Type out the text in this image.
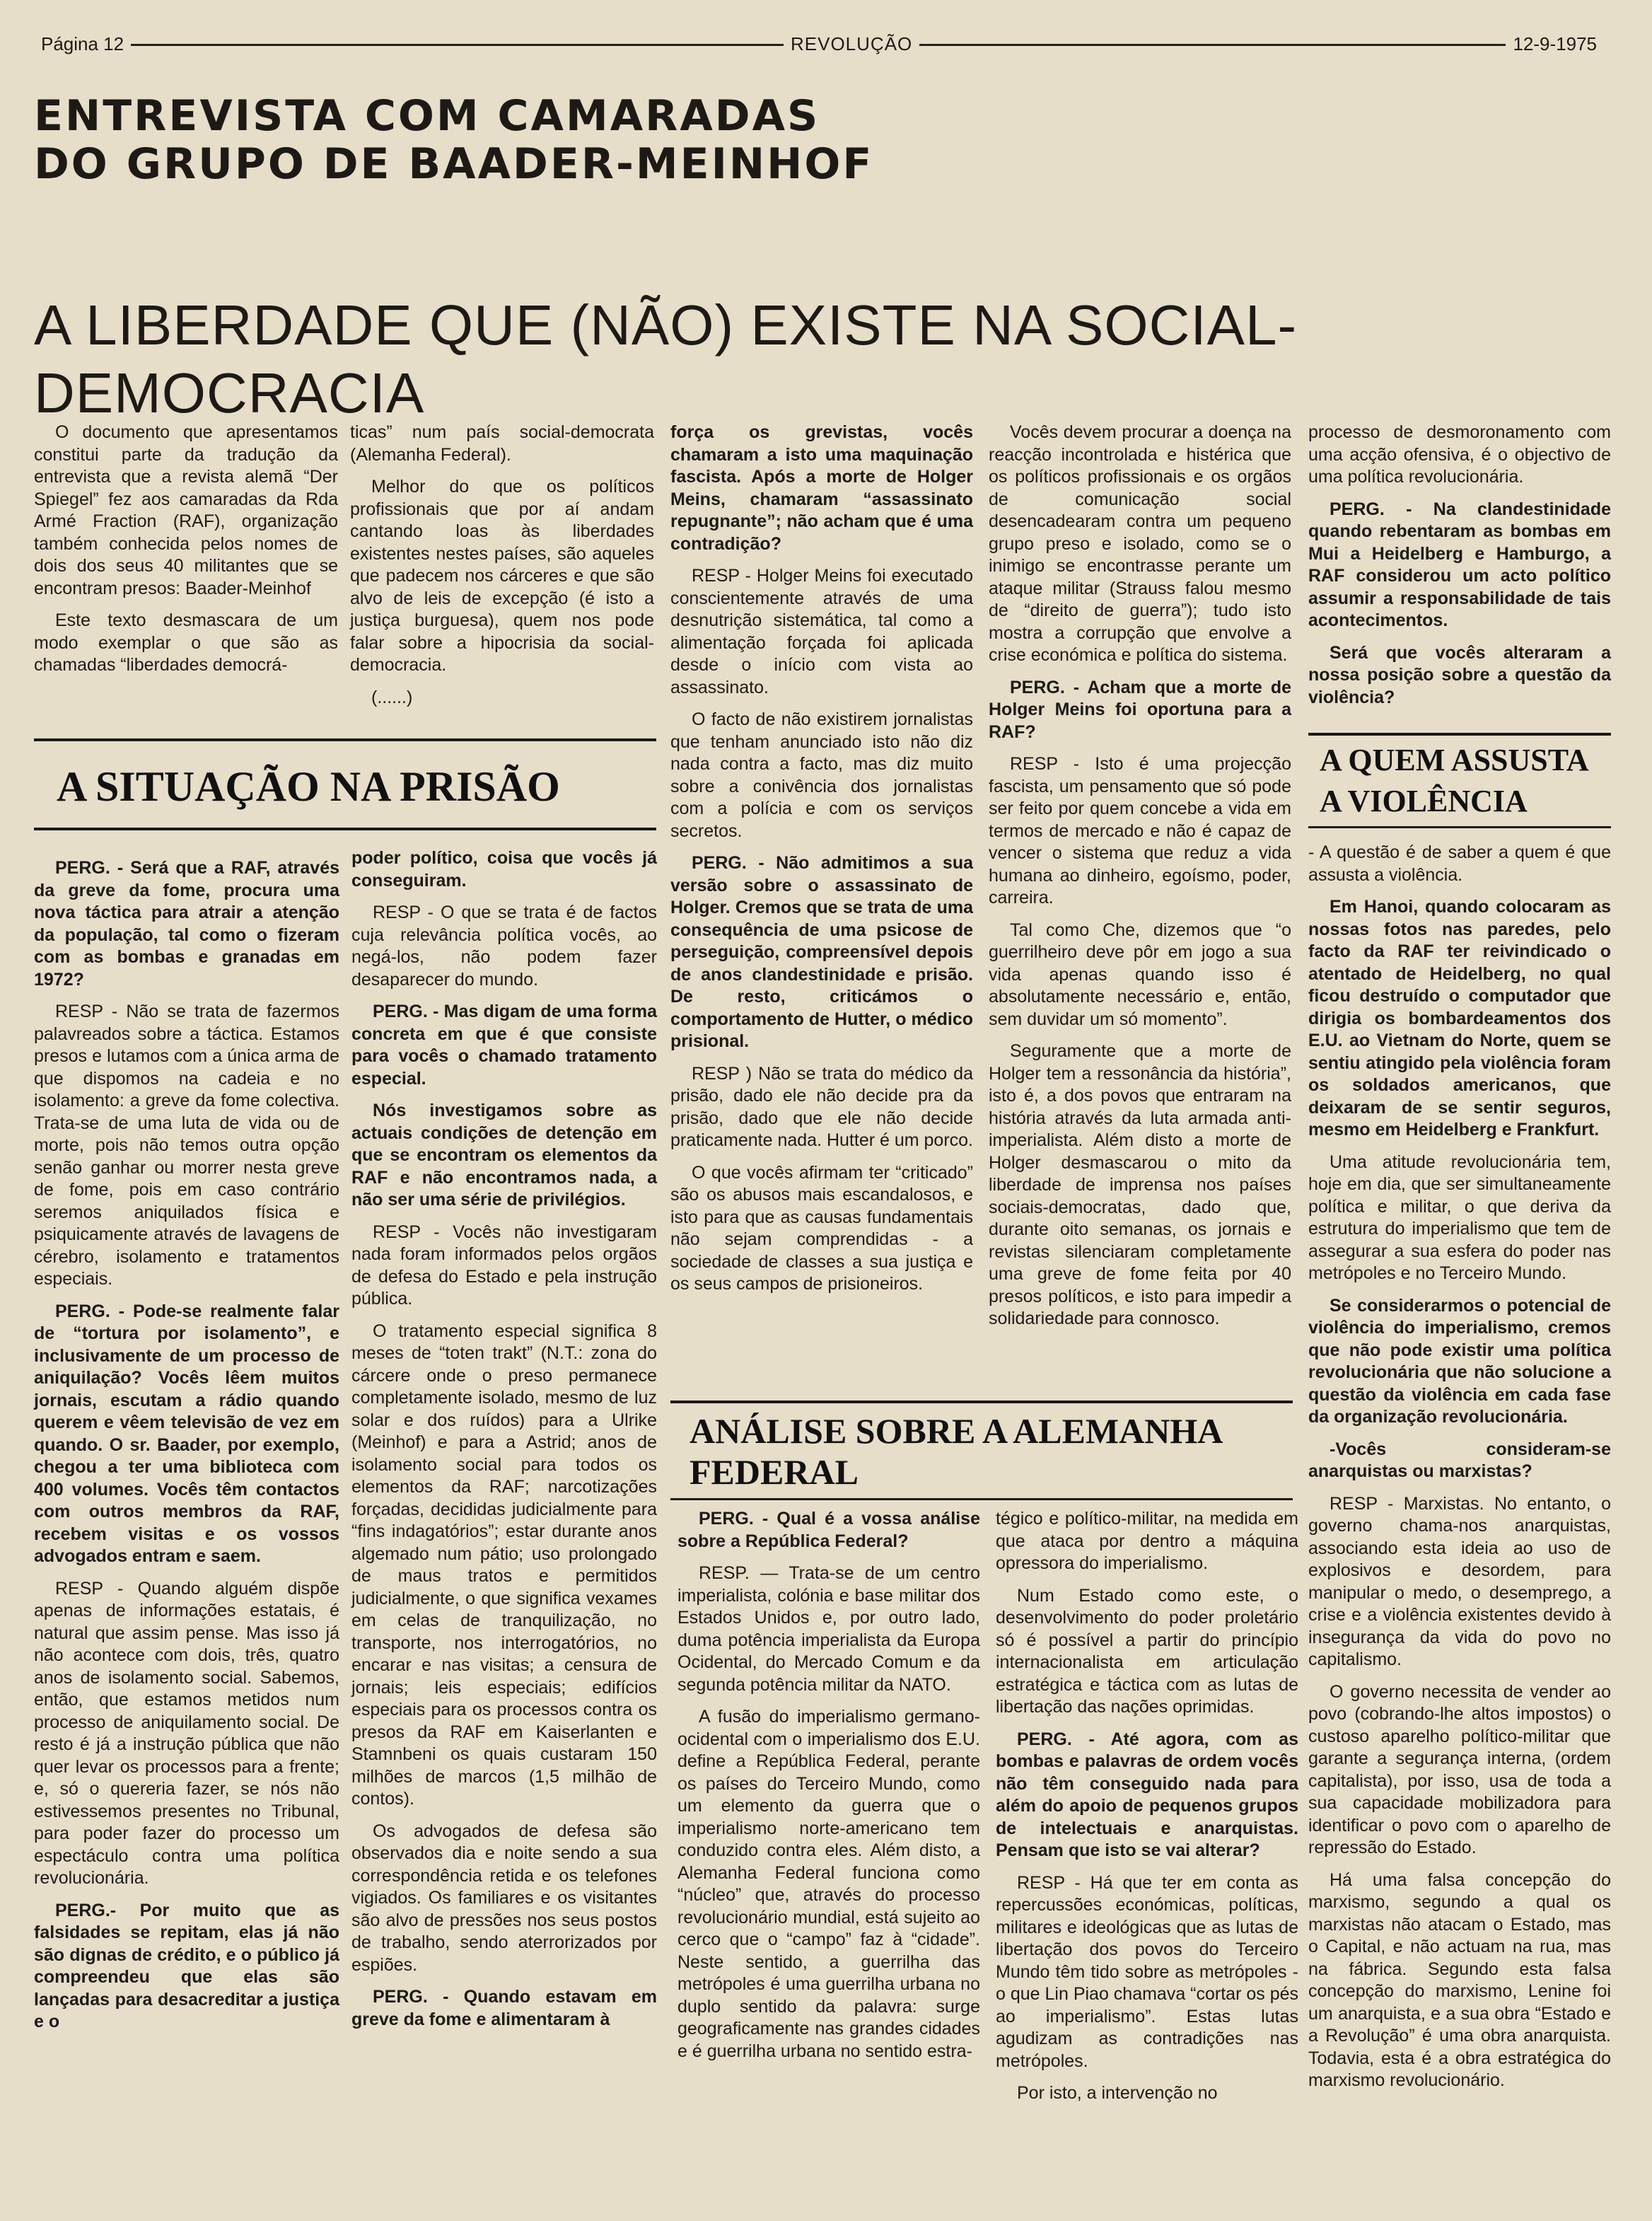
Página 12	REVOLUÇÃO	12-9-1975
ENTREVISTA COM CAMARADAS
DO GRUPO DE BAADER-MEINHOF
A LIBERDADE QUE (NÃO) EXISTE NA SOCIAL-DEMOCRACIA

O documento que apresentamos constitui parte da tradução da entrevista que a revista alemã “Der Spiegel” fez aos camaradas da Rda Armé Fraction (RAF), organização também conhecida pelos nomes de dois dos seus 40 militantes que se encontram presos: Baader-Meinhof

Este texto desmascara de um modo exemplar o que são as chamadas “liberdades democrá-

ticas” num país social-democrata (Alemanha Federal).

Melhor do que os políticos profissionais que por aí andam cantando loas às liberdades existentes nestes países, são aqueles que padecem nos cárceres e que são alvo de leis de excepção (é isto a justiça burguesa), quem nos pode falar sobre a hipocrisia da social-democracia.

(......)

A SITUAÇÃO NA PRISÃO

PERG. - Será que a RAF, através da greve da fome, procura uma nova táctica para atrair a atenção da população, tal como o fizeram com as bombas e granadas em 1972?

RESP - Não se trata de fazermos palavreados sobre a táctica. Estamos presos e lutamos com a única arma de que dispomos na cadeia e no isolamento: a greve da fome colectiva. Trata-se de uma luta de vida ou de morte, pois não temos outra opção senão ganhar ou morrer nesta greve de fome, pois em caso contrário seremos aniquilados física e psiquicamente através de lavagens de cérebro, isolamento e tratamentos especiais.

PERG. - Pode-se realmente falar de “tortura por isolamento”, e inclusivamente de um processo de aniquilação? Vocês lêem muitos jornais, escutam a rádio quando querem e vêem televisão de vez em quando. O sr. Baader, por exemplo, chegou a ter uma biblioteca com 400 volumes. Vocês têm contactos com outros membros da RAF, recebem visitas e os vossos advogados entram e saem.

RESP - Quando alguém dispõe apenas de informações estatais, é natural que assim pense. Mas isso já não acontece com dois, três, quatro anos de isolamento social. Sabemos, então, que estamos metidos num processo de aniquilamento social. De resto é já a instrução pública que não quer levar os processos para a frente; e, só o quereria fazer, se nós não estivessemos presentes no Tribunal, para poder fazer do processo um espectáculo contra uma política revolucionária.

PERG.- Por muito que as falsidades se repitam, elas já não são dignas de crédito, e o público já compreendeu que elas são lançadas para desacreditar a justiça e o

poder político, coisa que vocês já conseguiram.

RESP - O que se trata é de factos cuja relevância política vocês, ao negá-los, não podem fazer desaparecer do mundo.

PERG. - Mas digam de uma forma concreta em que é que consiste para vocês o chamado tratamento especial.

Nós investigamos sobre as actuais condições de detenção em que se encontram os elementos da RAF e não encontramos nada, a não ser uma série de privilégios.

RESP - Vocês não investigaram nada foram informados pelos orgãos de defesa do Estado e pela instrução pública.

O tratamento especial significa 8 meses de “toten trakt” (N.T.: zona do cárcere onde o preso permanece completamente isolado, mesmo de luz solar e dos ruídos) para a Ulrike (Meinhof) e para a Astrid; anos de isolamento social para todos os elementos da RAF; narcotizações forçadas, decididas judicialmente para “fins indagatórios”; estar durante anos algemado num pátio; uso prolongado de maus tratos e permitidos judicialmente, o que significa vexames em celas de tranquilização, no transporte, nos interrogatórios, no encarar e nas visitas; a censura de jornais; leis especiais; edifícios especiais para os processos contra os presos da RAF em Kaiserlanten e Stamnbeni os quais custaram 150 milhões de marcos (1,5 milhão de contos).

Os advogados de defesa são observados dia e noite sendo a sua correspondência retida e os telefones vigiados. Os familiares e os visitantes são alvo de pressões nos seus postos de trabalho, sendo aterrorizados por espiões.

PERG. - Quando estavam em greve da fome e alimentaram à

força os grevistas, vocês chamaram a isto uma maquinação fascista. Após a morte de Holger Meins, chamaram “assassinato repugnante”; não acham que é uma contradição?

RESP - Holger Meins foi executado conscientemente através de uma desnutrição sistemática, tal como a alimentação forçada foi aplicada desde o início com vista ao assassinato.

O facto de não existirem jornalistas que tenham anunciado isto não diz nada contra a facto, mas diz muito sobre a conivência dos jornalistas com a polícia e com os serviços secretos.

PERG. - Não admitimos a sua versão sobre o assassinato de Holger. Cremos que se trata de uma consequência de uma psicose de perseguição, compreensível depois de anos clandestinidade e prisão. De resto, criticámos o comportamento de Hutter, o médico prisional.

RESP ) Não se trata do médico da prisão, dado ele não decide pra da prisão, dado que ele não decide praticamente nada. Hutter é um porco.

O que vocês afirmam ter “criticado” são os abusos mais escandalosos, e isto para que as causas fundamentais não sejam comprendidas - a sociedade de classes a sua justiça e os seus campos de prisioneiros.

Vocês devem procurar a doença na reacção incontrolada e histérica que os políticos profissionais e os orgãos de comunicação social desencadearam contra um pequeno grupo preso e isolado, como se o inimigo se encontrasse perante um ataque militar (Strauss falou mesmo de “direito de guerra”); tudo isto mostra a corrupção que envolve a crise económica e política do sistema.

PERG. - Acham que a morte de Holger Meins foi oportuna para a RAF?

RESP - Isto é uma projecção fascista, um pensamento que só pode ser feito por quem concebe a vida em termos de mercado e não é capaz de vencer o sistema que reduz a vida humana ao dinheiro, egoísmo, poder, carreira.

Tal como Che, dizemos que “o guerrilheiro deve pôr em jogo a sua vida apenas quando isso é absolutamente necessário e, então, sem duvidar um só momento”.

Seguramente que a morte de Holger tem a ressonância da história”, isto é, a dos povos que entraram na história através da luta armada anti-imperialista. Além disto a morte de Holger desmascarou o mito da liberdade de imprensa nos países sociais-democratas, dado que, durante oito semanas, os jornais e revistas silenciaram completamente uma greve de fome feita por 40 presos políticos, e isto para impedir a solidariedade para connosco.

ANÁLISE SOBRE A ALEMANHA
FEDERAL

PERG. - Qual é a vossa análise sobre a República Federal?

RESP. — Trata-se de um centro imperialista, colónia e base militar dos Estados Unidos e, por outro lado, duma potência imperialista da Europa Ocidental, do Mercado Comum e da segunda potência militar da NATO.

A fusão do imperialismo germano-ocidental com o imperialismo dos E.U. define a República Federal, perante os países do Terceiro Mundo, como um elemento da guerra que o imperialismo norte-americano tem conduzido contra eles. Além disto, a Alemanha Federal funciona como “núcleo” que, através do processo revolucionário mundial, está sujeito ao cerco que o “campo” faz à “cidade”. Neste sentido, a guerrilha das metrópoles é uma guerrilha urbana no duplo sentido da palavra: surge geograficamente nas grandes cidades e é guerrilha urbana no sentido estra-

tégico e político-militar, na medida em que ataca por dentro a máquina opressora do imperialismo.

Num Estado como este, o desenvolvimento do poder proletário só é possível a partir do princípio internacionalista em articulação estratégica e táctica com as lutas de libertação das nações oprimidas.

PERG. - Até agora, com as bombas e palavras de ordem vocês não têm conseguido nada para além do apoio de pequenos grupos de intelectuais e anarquistas. Pensam que isto se vai alterar?

RESP - Há que ter em conta as repercussões económicas, políticas, militares e ideológicas que as lutas de libertação dos povos do Terceiro Mundo têm tido sobre as metrópoles - o que Lin Piao chamava “cortar os pés ao imperialismo”. Estas lutas agudizam as contradições nas metrópoles.

Por isto, a intervenção no

processo de desmoronamento com uma acção ofensiva, é o objectivo de uma política revolucionária.

PERG. - Na clandestinidade quando rebentaram as bombas em Mui a Heidelberg e Hamburgo, a RAF considerou um acto político assumir a responsabilidade de tais acontecimentos.

Será que vocês alteraram a nossa posição sobre a questão da violência?

A QUEM ASSUSTA
A VIOLÊNCIA

- A questão é de saber a quem é que assusta a violência.

Em Hanoi, quando colocaram as nossas fotos nas paredes, pelo facto da RAF ter reivindicado o atentado de Heidelberg, no qual ficou destruído o computador que dirigia os bombardeamentos dos E.U. ao Vietnam do Norte, quem se sentiu atingido pela violência foram os soldados americanos, que deixaram de se sentir seguros, mesmo em Heidelberg e Frankfurt.

Uma atitude revolucionária tem, hoje em dia, que ser simultaneamente política e militar, o que deriva da estrutura do imperialismo que tem de assegurar a sua esfera do poder nas metrópoles e no Terceiro Mundo.

Se considerarmos o potencial de violência do imperialismo, cremos que não pode existir uma política revolucionária que não solucione a questão da violência em cada fase da organização revolucionária.

-Vocês consideram-se anarquistas ou marxistas?

RESP - Marxistas. No entanto, o governo chama-nos anarquistas, associando esta ideia ao uso de explosivos e desordem, para manipular o medo, o desemprego, a crise e a violência existentes devido à insegurança da vida do povo no capitalismo.

O governo necessita de vender ao povo (cobrando-lhe altos impostos) o custoso aparelho político-militar que garante a segurança interna, (ordem capitalista), por isso, usa de toda a sua capacidade mobilizadora para identificar o povo com o aparelho de repressão do Estado.

Há uma falsa concepção do marxismo, segundo a qual os marxistas não atacam o Estado, mas o Capital, e não actuam na rua, mas na fábrica. Segundo esta falsa concepção do marxismo, Lenine foi um anarquista, e a sua obra “Estado e a Revolução” é uma obra anarquista. Todavia, esta é a obra estratégica do marxismo revolucionário.
